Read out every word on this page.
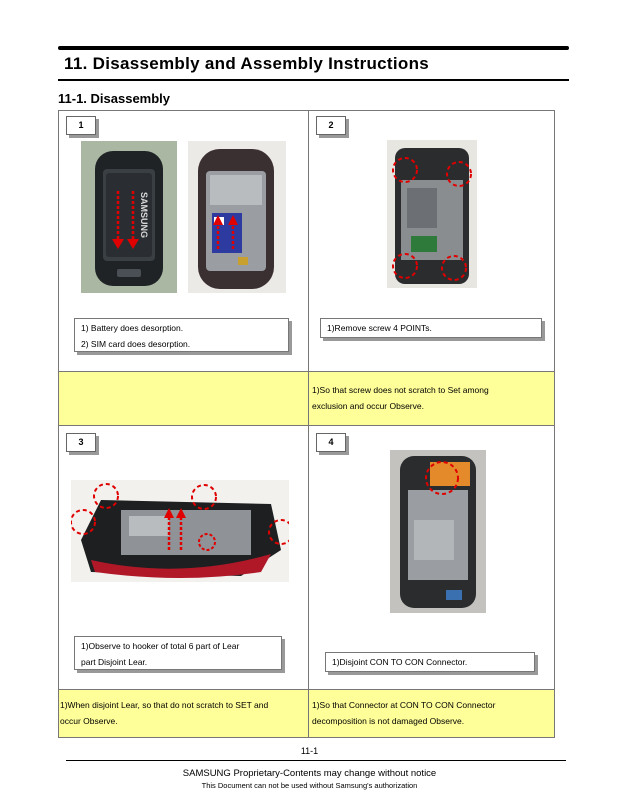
11. Disassembly and Assembly Instructions
11-1. Disassembly
1
SAMSUNG
1) Battery does desorption.
2) SIM card does desorption.
2
1)Remove screw 4 POINTs.
1)So that screw does not scratch to Set among
exclusion and occur Observe.
3
1)Observe to hooker of total 6 part of Lear
part Disjoint Lear.
1)When disjoint Lear, so that do not scratch to SET and
occur Observe.
4
1)Disjoint CON TO CON Connector.
1)So that Connector at CON TO CON Connector
decomposition is not damaged Observe.
11-1
SAMSUNG Proprietary-Contents may change without notice
This Document can not be used without Samsung's authorization
